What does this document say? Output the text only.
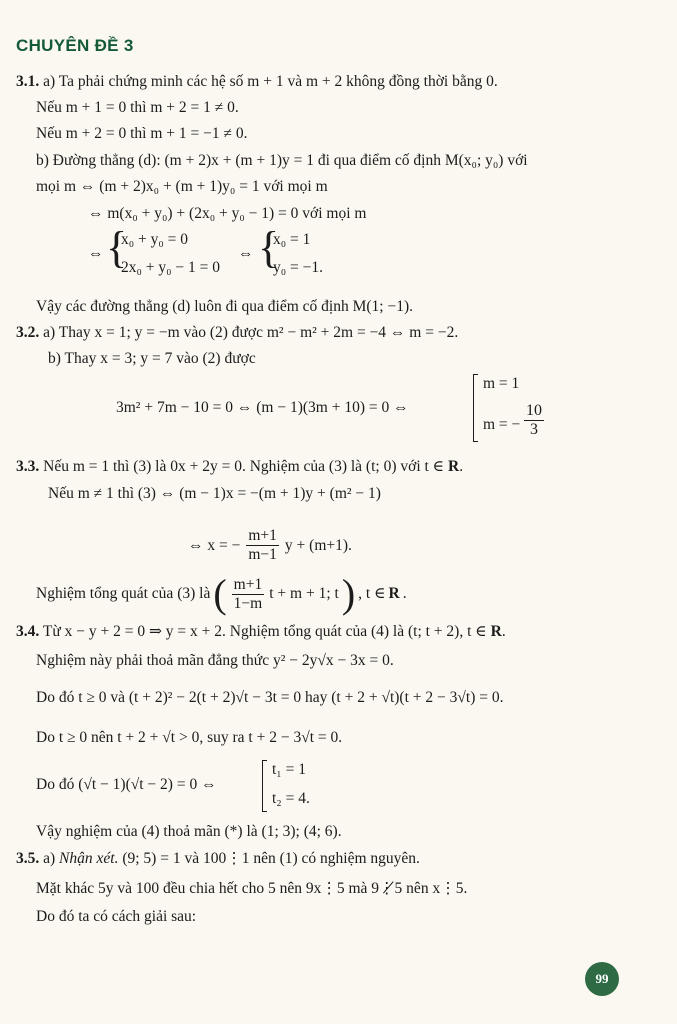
CHUYÊN ĐỀ 3
3.1. a) Ta phải chứng minh các hệ số m + 1 và m + 2 không đồng thời bằng 0.
Nếu m + 1 = 0 thì m + 2 = 1 ≠ 0.
Nếu m + 2 = 0 thì m + 1 = −1 ≠ 0.
b) Đường thẳng (d): (m + 2)x + (m + 1)y = 1 đi qua điểm cố định M(x₀; y₀) với
mọi m ⇔ (m + 2)x₀ + (m + 1)y₀ = 1 với mọi m
⇔ m(x₀ + y₀) + (2x₀ + y₀ − 1) = 0 với mọi m
⇔ {
x₀ + y₀ = 0
2x₀ + y₀ − 1 = 0
⇔ {
x₀ = 1
y₀ = −1.
Vậy các đường thẳng (d) luôn đi qua điểm cố định M(1; −1).
3.2. a) Thay x = 1; y = −m vào (2) được m² − m² + 2m = −4 ⇔ m = −2.
b) Thay x = 3; y = 7 vào (2) được
3m² + 7m − 10 = 0 ⇔ (m − 1)(3m + 10) = 0 ⇔
m = 1
m = − $\frac{10}{3}$
3.3. Nếu m = 1 thì (3) là 0x + 2y = 0. Nghiệm của (3) là (t; 0) với t ∈ R.
Nếu m ≠ 1 thì (3) ⇔ (m − 1)x = −(m + 1)y + (m² − 1)
⇔ x = − $\frac{m+1}{m-1}$ y + (m+1).
Nghiệm tổng quát của (3) là ( $\frac{m+1}{1-m}$ t + m + 1; t ) , t ∈ R .
3.4. Từ x − y + 2 = 0 ⇒ y = x + 2. Nghiệm tổng quát của (4) là (t; t + 2), t ∈ R.
Nghiệm này phải thoả mãn đẳng thức y² − 2y√x − 3x = 0.
Do đó t ≥ 0 và (t + 2)² − 2(t + 2)√t − 3t = 0 hay (t + 2 + √t)(t + 2 − 3√t) = 0.
Do t ≥ 0 nên t + 2 + √t > 0, suy ra t + 2 − 3√t = 0.
Do đó (√t − 1)(√t − 2) = 0 ⇔
t₁ = 1
t₂ = 4.
Vậy nghiệm của (4) thoả mãn (*) là (1; 3); (4; 6).
3.5. a) Nhận xét. (9; 5) = 1 và 100⋮1 nên (1) có nghiệm nguyên.
Mặt khác 5y và 100 đều chia hết cho 5 nên 9x⋮5 mà 9⋮̸5 nên x⋮5.
Do đó ta có cách giải sau:
99
